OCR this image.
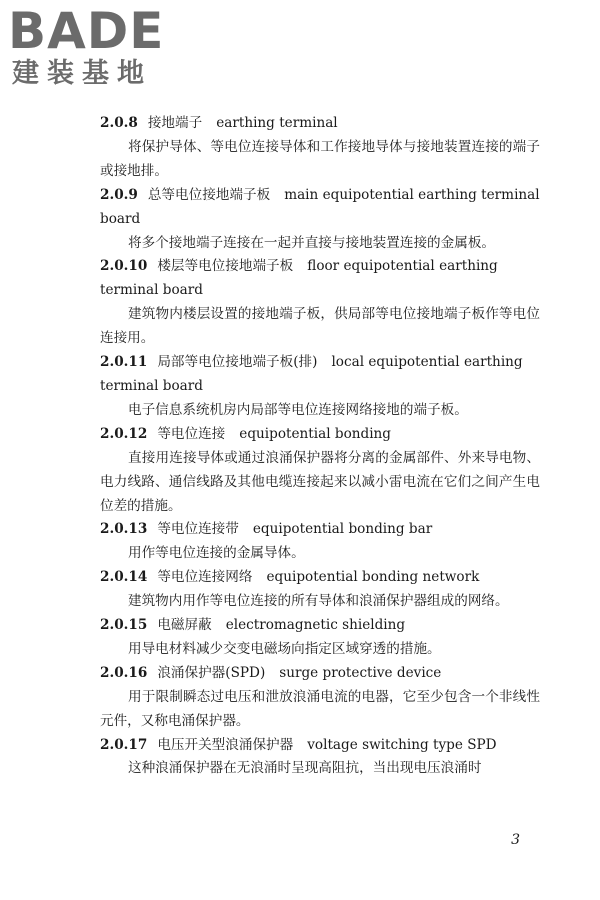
BADE
建装基地

2.0.8 接地端子 earthing terminal

将保护导体、等电位连接导体和工作接地导体与接地装置连接的端子或接地排。

2.0.9 总等电位接地端子板 main equipotential earthing terminal board

将多个接地端子连接在一起并直接与接地装置连接的金属板。

2.0.10 楼层等电位接地端子板 floor equipotential earthing terminal board

建筑物内楼层设置的接地端子板，供局部等电位接地端子板作等电位连接用。

2.0.11 局部等电位接地端子板(排) local equipotential earthing terminal board

电子信息系统机房内局部等电位连接网络接地的端子板。

2.0.12 等电位连接 equipotential bonding

直接用连接导体或通过浪涌保护器将分离的金属部件、外来导电物、电力线路、通信线路及其他电缆连接起来以减小雷电流在它们之间产生电位差的措施。

2.0.13 等电位连接带 equipotential bonding bar

用作等电位连接的金属导体。

2.0.14 等电位连接网络 equipotential bonding network

建筑物内用作等电位连接的所有导体和浪涌保护器组成的网络。

2.0.15 电磁屏蔽 electromagnetic shielding

用导电材料减少交变电磁场向指定区域穿透的措施。

2.0.16 浪涌保护器(SPD) surge protective device

用于限制瞬态过电压和泄放浪涌电流的电器，它至少包含一个非线性元件，又称电涌保护器。

2.0.17 电压开关型浪涌保护器 voltage switching type SPD

这种浪涌保护器在无浪涌时呈现高阻抗，当出现电压浪涌时

3
